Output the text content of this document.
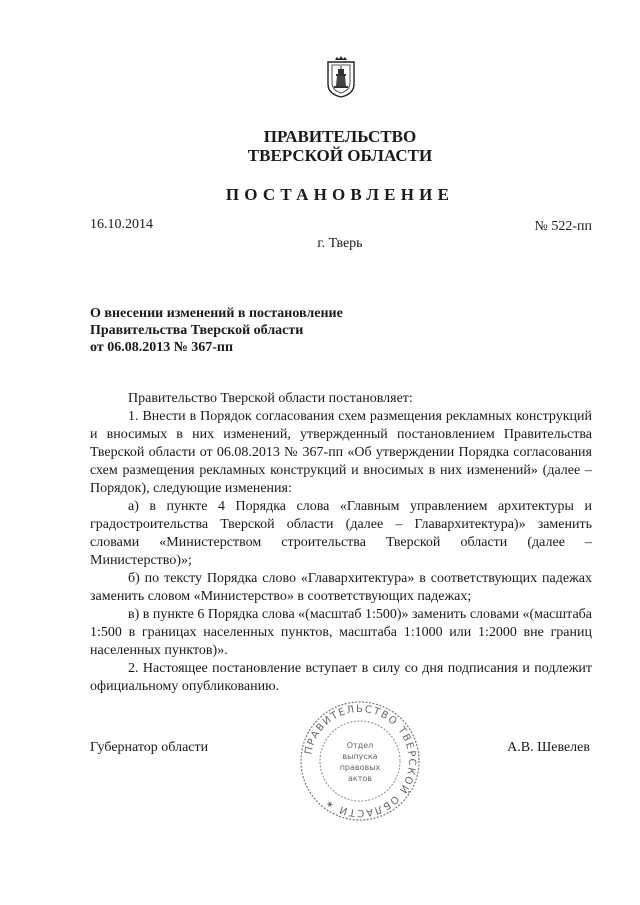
ПРАВИТЕЛЬСТВО
ТВЕРСКОЙ ОБЛАСТИ
ПОСТАНОВЛЕНИЕ
16.10.2014	№ 522-пп
г. Тверь
О внесении изменений в постановление
Правительства Тверской области
от 06.08.2013 № 367-пп

Правительство Тверской области постановляет:

1. Внести в Порядок согласования схем размещения рекламных конструкций и вносимых в них изменений, утвержденный постановлением Правительства Тверской области от 06.08.2013 № 367-пп «Об утверждении Порядка согласования схем размещения рекламных конструкций и вносимых в них изменений» (далее – Порядок), следующие изменения:

а) в пункте 4 Порядка слова «Главным управлением архитектуры и градостроительства Тверской области (далее – Главархитектура)» заменить словами «Министерством строительства Тверской области (далее – Министерство)»;

б) по тексту Порядка слово «Главархитектура» в соответствующих падежах заменить словом «Министерство» в соответствующих падежах;

в) в пункте 6 Порядка слова «(масштаб 1:500)» заменить словами «(масштаба 1:500 в границах населенных пунктов, масштаба 1:1000 или 1:2000 вне границ населенных пунктов)».

2. Настоящее постановление вступает в силу со дня подписания и подлежит официальному опубликованию.

Губернатор области	А.В. Шевелев
ПРАВИТЕЛЬСТВО ТВЕРСКОЙ ОБЛАСТИ ✶
Отдел
выпуска
правовых
актов
